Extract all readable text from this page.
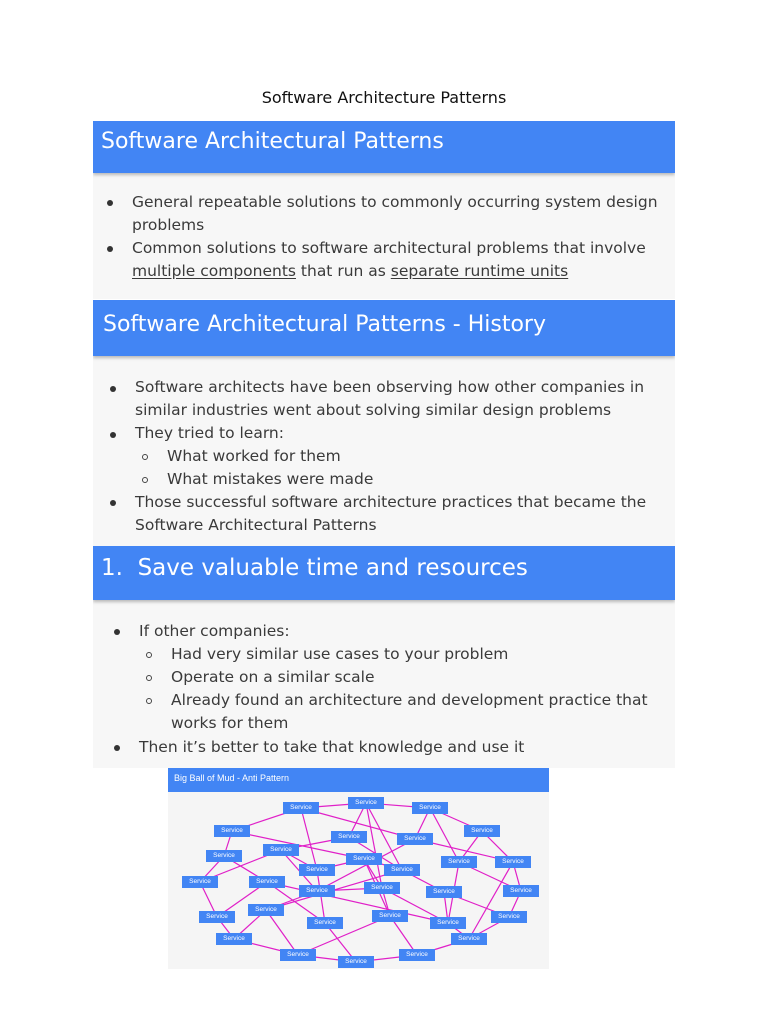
Software Architecture Patterns
Software Architectural Patterns
General repeatable solutions to commonly occurring system design
problems
Common solutions to software architectural problems that involve
multiple components that run as separate runtime units
Software Architectural Patterns - History
Software architects have been observing how other companies in
similar industries went about solving similar design problems
They tried to learn:
What worked for them
What mistakes were made
Those successful software architecture practices that became the
Software Architectural Patterns
1.  Save valuable time and resources
If other companies:
Had very similar use cases to your problem
Operate on a similar scale
Already found an architecture and development practice that
works for them
Then it’s better to take that knowledge and use it
Big Ball of Mud - Anti Pattern
Service
Service
Service
Service
Service	Service
Service
Service
Service
Service
Service
Service	Service
Service	Service
Service
Service	Service
Service	Service
Service
Service
Service
Service
Service
Service
Service	Service
Service
Service
Service
